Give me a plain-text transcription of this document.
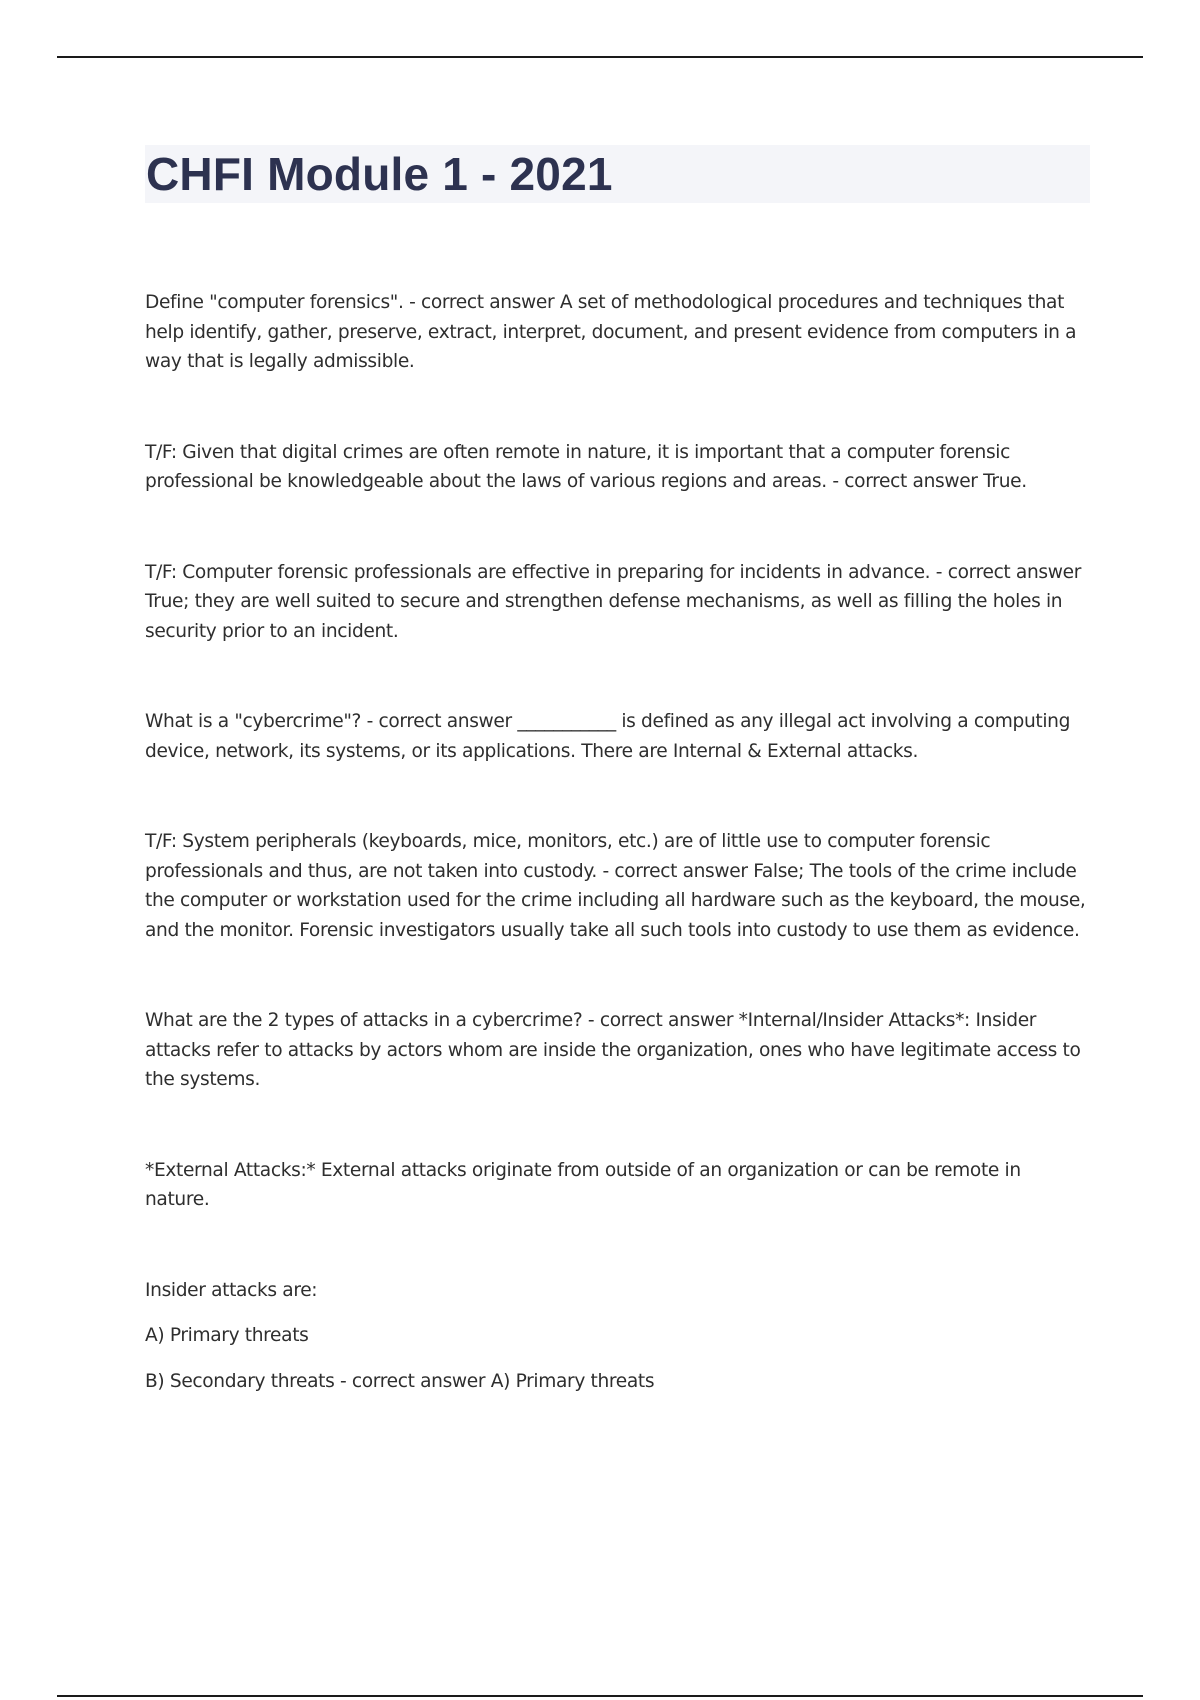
CHFI Module 1 - 2021

Define "computer forensics". - correct answer A set of methodological procedures and techniques that help identify, gather, preserve, extract, interpret, document, and present evidence from computers in a way that is legally admissible.

T/F: Given that digital crimes are often remote in nature, it is important that a computer forensic professional be knowledgeable about the laws of various regions and areas. - correct answer True.

T/F: Computer forensic professionals are effective in preparing for incidents in advance. - correct answer True; they are well suited to secure and strengthen defense mechanisms, as well as filling the holes in security prior to an incident.

What is a "cybercrime"? - correct answer ___________ is defined as any illegal act involving a computing device, network, its systems, or its applications. There are Internal & External attacks.

T/F: System peripherals (keyboards, mice, monitors, etc.) are of little use to computer forensic professionals and thus, are not taken into custody. - correct answer False; The tools of the crime include the computer or workstation used for the crime including all hardware such as the keyboard, the mouse, and the monitor. Forensic investigators usually take all such tools into custody to use them as evidence.

What are the 2 types of attacks in a cybercrime? - correct answer *Internal/Insider Attacks*: Insider attacks refer to attacks by actors whom are inside the organization, ones who have legitimate access to the systems.

*External Attacks:* External attacks originate from outside of an organization or can be remote in nature.

Insider attacks are:

A) Primary threats

B) Secondary threats - correct answer A) Primary threats
